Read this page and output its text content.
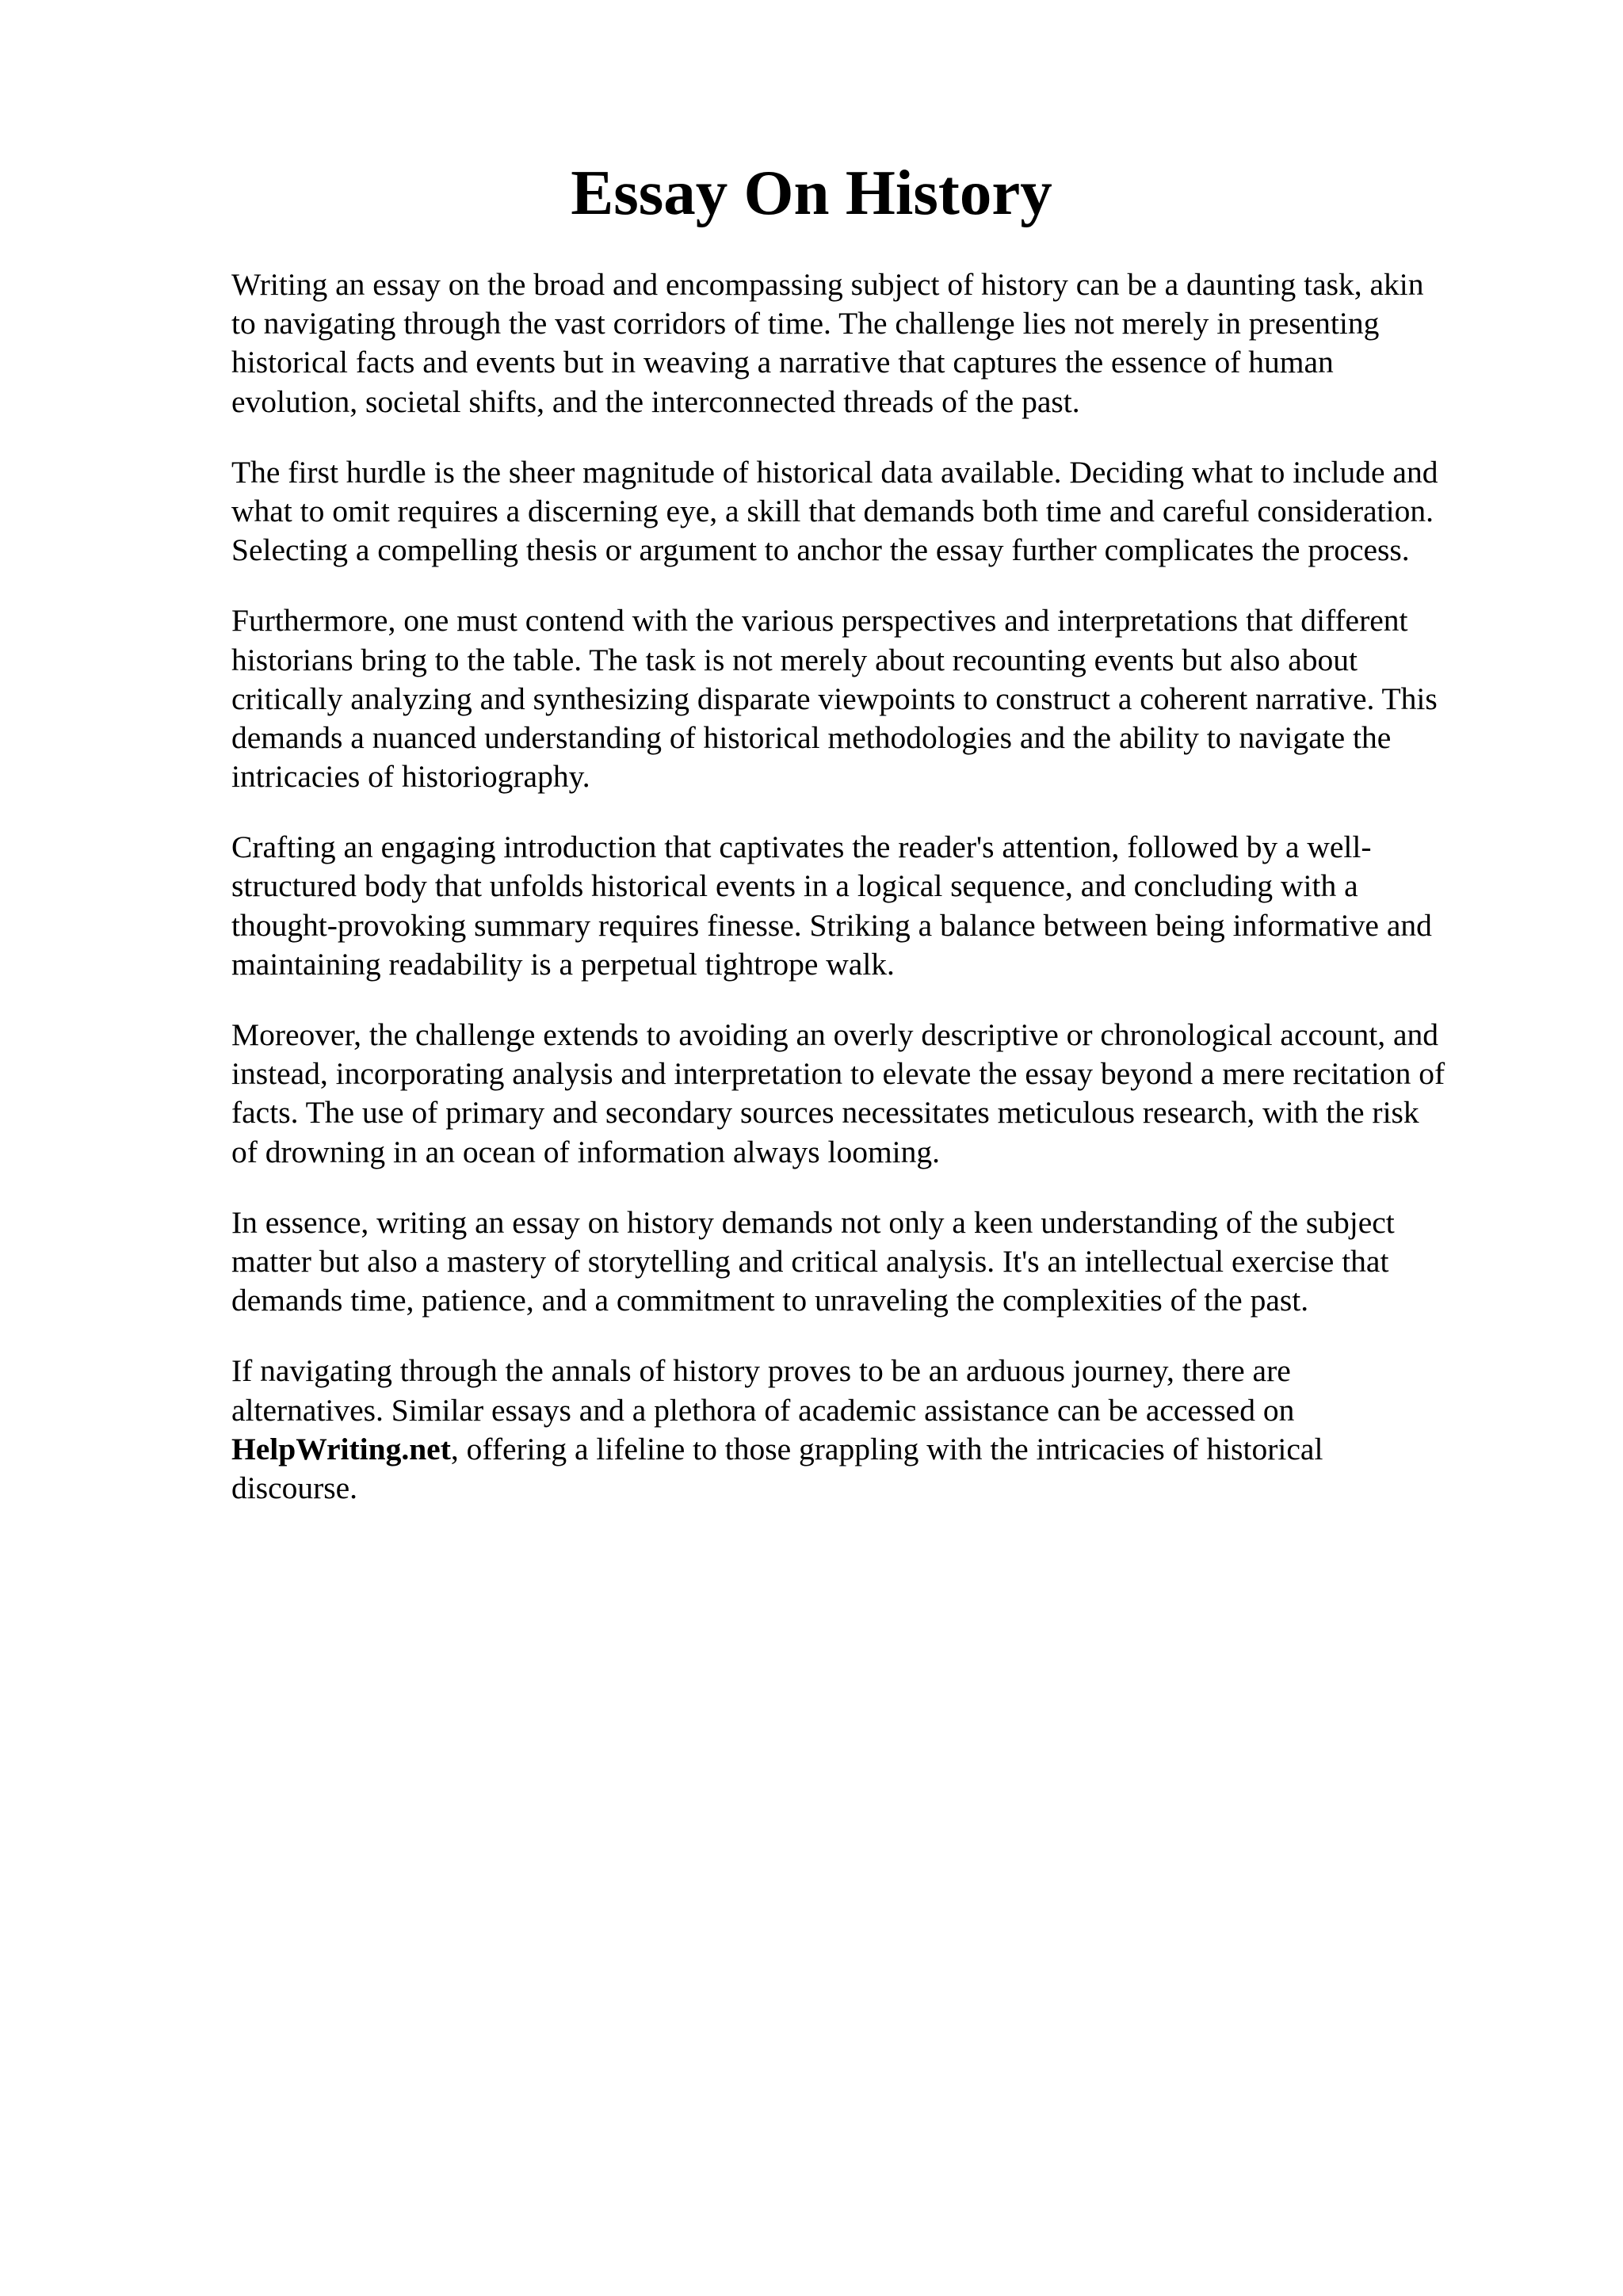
Essay On History

Writing an essay on the broad and encompassing subject of history can be a daunting task, akin
to navigating through the vast corridors of time. The challenge lies not merely in presenting
historical facts and events but in weaving a narrative that captures the essence of human
evolution, societal shifts, and the interconnected threads of the past.

The first hurdle is the sheer magnitude of historical data available. Deciding what to include and
what to omit requires a discerning eye, a skill that demands both time and careful consideration.
Selecting a compelling thesis or argument to anchor the essay further complicates the process.

Furthermore, one must contend with the various perspectives and interpretations that different
historians bring to the table. The task is not merely about recounting events but also about
critically analyzing and synthesizing disparate viewpoints to construct a coherent narrative. This
demands a nuanced understanding of historical methodologies and the ability to navigate the
intricacies of historiography.

Crafting an engaging introduction that captivates the reader's attention, followed by a well-
structured body that unfolds historical events in a logical sequence, and concluding with a
thought-provoking summary requires finesse. Striking a balance between being informative and
maintaining readability is a perpetual tightrope walk.

Moreover, the challenge extends to avoiding an overly descriptive or chronological account, and
instead, incorporating analysis and interpretation to elevate the essay beyond a mere recitation of
facts. The use of primary and secondary sources necessitates meticulous research, with the risk
of drowning in an ocean of information always looming.

In essence, writing an essay on history demands not only a keen understanding of the subject
matter but also a mastery of storytelling and critical analysis. It's an intellectual exercise that
demands time, patience, and a commitment to unraveling the complexities of the past.

If navigating through the annals of history proves to be an arduous journey, there are
alternatives. Similar essays and a plethora of academic assistance can be accessed on
HelpWriting.net, offering a lifeline to those grappling with the intricacies of historical
discourse.
